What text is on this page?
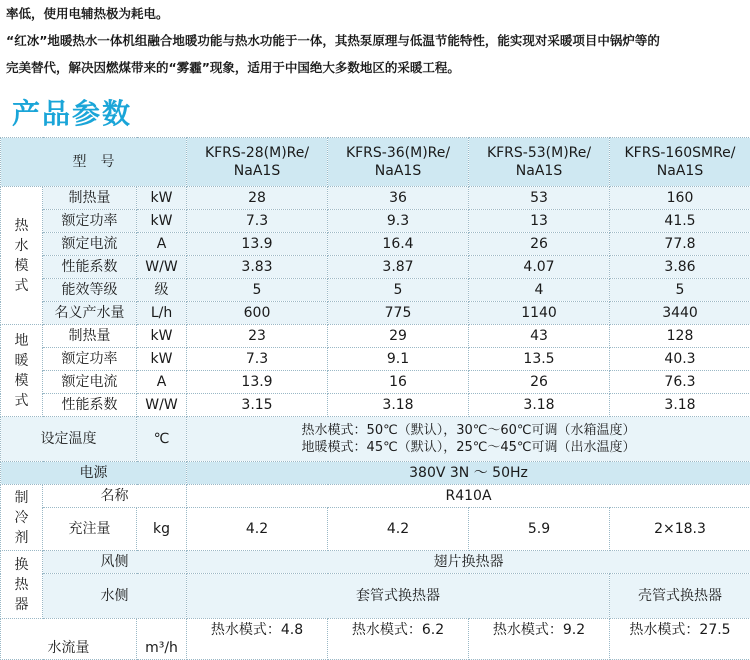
率低，使用电辅热极为耗电。

“红冰”地暖热水一体机组融合地暖功能与热水功能于一体，其热泵原理与低温节能特性，能实现对采暖项目中锅炉等的

完美替代，解决因燃煤带来的“雾霾”现象，适用于中国绝大多数地区的采暖工程。

产品参数
型　号			KFRS-28(M)Re/
NaA1S	KFRS-36(M)Re/
NaA1S	KFRS-53(M)Re/
NaA1S	KFRS-160SMRe/
NaA1S
热水模式	制热量	kW	28	36	53	160
	额定功率	kW	7.3	9.3	13	41.5
	额定电流	A	13.9	16.4	26	77.8
	性能系数	W/W	3.83	3.87	4.07	3.86
	能效等级	级	5	5	4	5
	名义产水量	L/h	600	775	1140	3440
地暖模式	制热量	kW	23	29	43	128
	额定功率	kW	7.3	9.1	13.5	40.3
	额定电流	A	13.9	16	26	76.3
	性能系数	W/W	3.15	3.18	3.18	3.18
设定温度		℃	热水模式：50℃（默认），30℃～60℃可调（水箱温度）
地暖模式：45℃（默认），25℃～45℃可调（出水温度）			
电源			380V 3N ～ 50Hz			
制冷剂	名称		R410A			
	充注量	kg	4.2	4.2	5.9	2×18.3
换热器	风侧		翅片换热器			
	水侧		套管式换热器			壳管式换热器
水流量		m³/h	热水模式：4.8	热水模式：6.2	热水模式：9.2	热水模式：27.5
